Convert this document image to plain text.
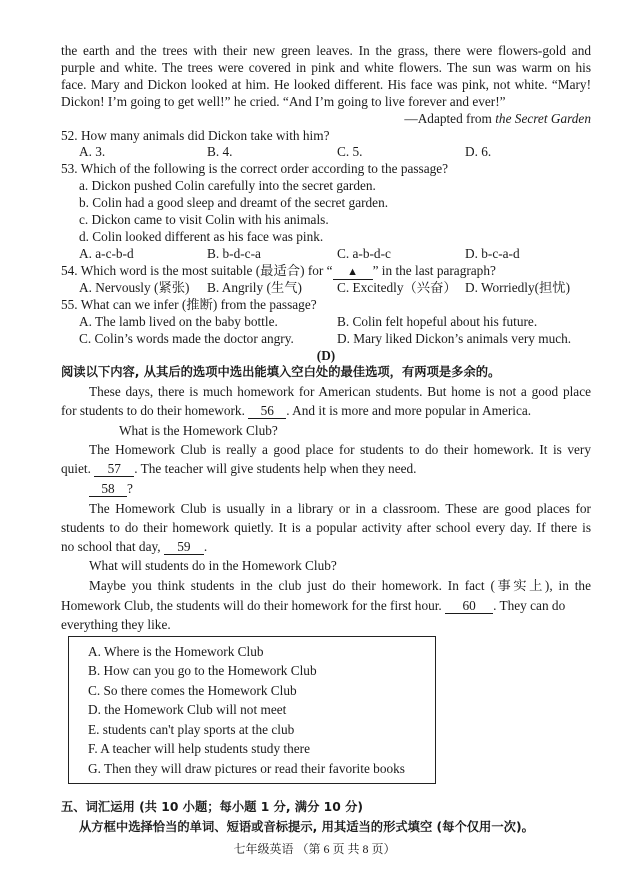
the earth and the trees with their new green leaves. In the grass, there were flowers-gold and
purple and white. The trees were covered in pink and white flowers. The sun was warm on his
face. Mary and Dickon looked at him. He looked different. His face was pink, not white. “Mary!
Dickon! I’m going to get well!” he cried. “And I’m going to live forever and ever!”
—Adapted from the Secret Garden
52. How many animals did Dickon take with him?
A. 3.	B. 4.	C. 5.	D. 6.
53. Which of the following is the correct order according to the passage?
a. Dickon pushed Colin carefully into the secret garden.
b. Colin had a good sleep and dreamt of the secret garden.
c. Dickon came to visit Colin with his animals.
d. Colin looked different as his face was pink.
A. a-c-b-d	B. b-d-c-a	C. a-b-d-c	D. b-c-a-d
54. Which word is the most suitable (最适合) for “ ▲ ” in the last paragraph?
A. Nervously (紧张) B. Angrily (生气)	C. Excitedly（兴奋） D. Worriedly(担忧)
55. What can we infer (推断) from the passage?
A. The lamb lived on the baby bottle.	B. Colin felt hopeful about his future.
C. Colin’s words made the doctor angry.	D. Mary liked Dickon’s animals very much.
(D)
阅读以下内容, 从其后的选项中选出能填入空白处的最佳选项，有两项是多余的。
These days, there is much homework for American students. But home is not a good place
for students to do their homework. 56 . And it is more and more popular in America.
What is the Homework Club?
The Homework Club is really a good place for students to do their homework. It is very
quiet. 57 . The teacher will give students help when they need.
58 ?
The Homework Club is usually in a library or in a classroom. These are good places for
students to do their homework quietly. It is a popular activity after school every day. If there is
no school that day, 59 .
What will students do in the Homework Club?
Maybe you think students in the club just do their homework. In fact (事实上), in the
Homework Club, the students will do their homework for the first hour. 60 . They can do
everything they like.
A. Where is the Homework Club
B. How can you go to the Homework Club
C. So there comes the Homework Club
D. the Homework Club will not meet
E. students can't play sports at the club
F. A teacher will help students study there
G. Then they will draw pictures or read their favorite books
五、词汇运用 (共 10 小题；每小题 1 分, 满分 10 分)
从方框中选择恰当的单词、短语或音标提示, 用其适当的形式填空 (每个仅用一次)。
七年级英语 （第 6 页 共 8 页）
